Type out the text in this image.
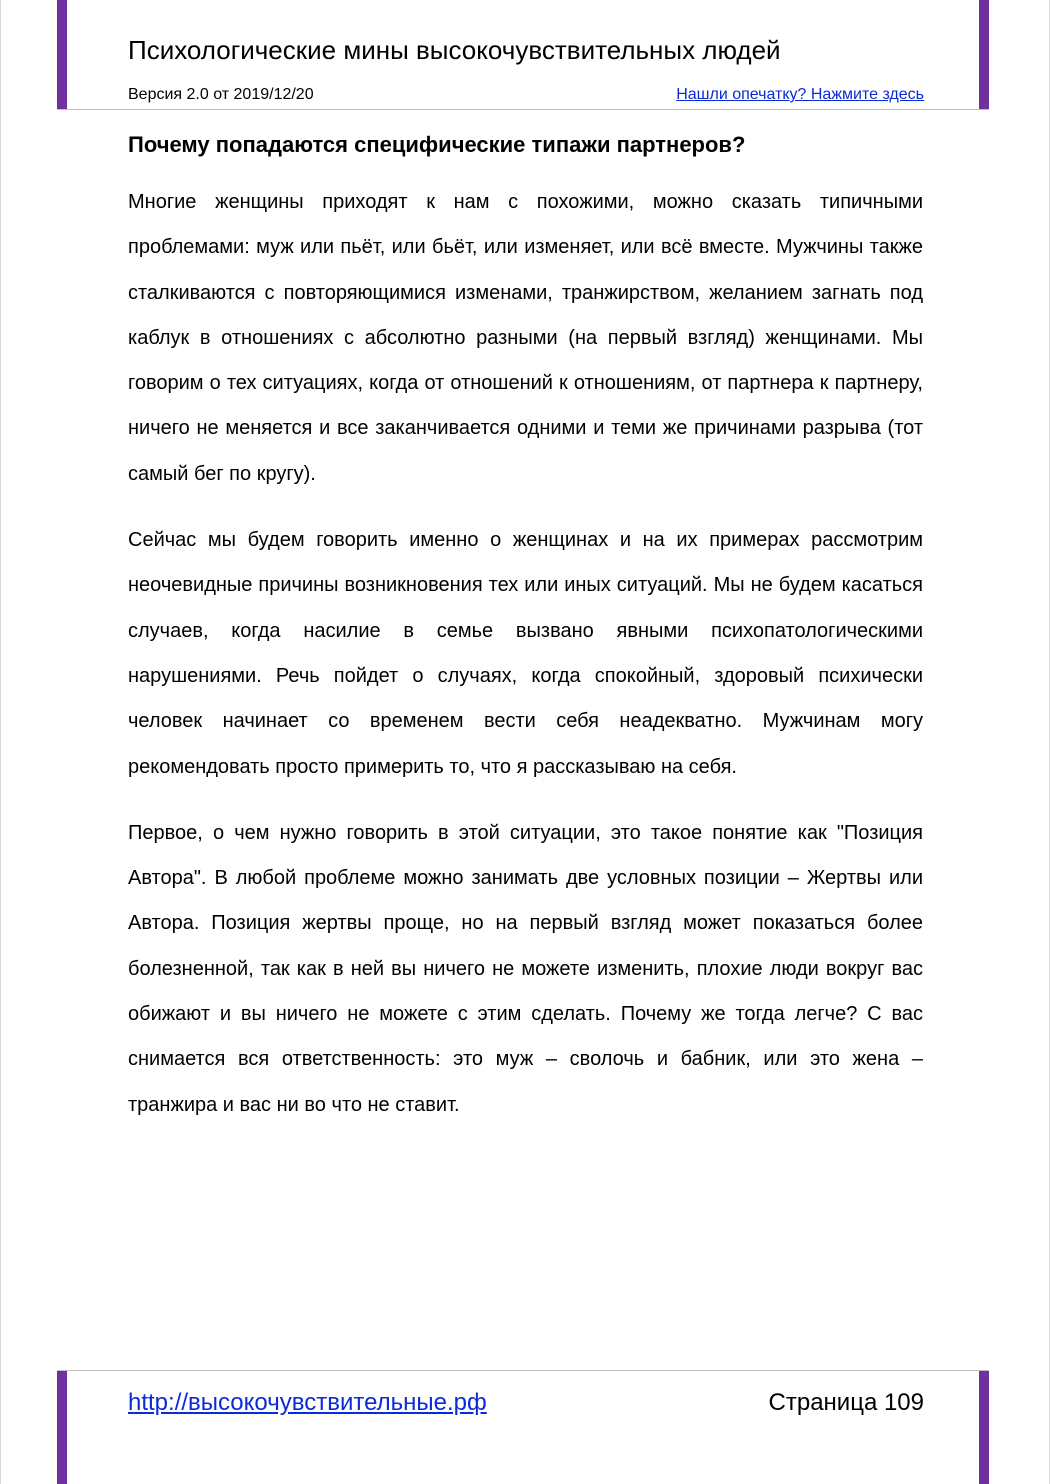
Психологические мины высокочувствительных людей
Версия 2.0 от 2019/12/20	Нашли опечатку? Нажмите здесь
Почему попадаются специфические типажи партнеров?

Многие женщины приходят к нам с похожими, можно сказать типичными проблемами: муж или пьёт, или бьёт, или изменяет, или всё вместе. Мужчины также сталкиваются с повторяющимися изменами, транжирством, желанием загнать под каблук в отношениях с абсолютно разными (на первый взгляд) женщинами. Мы говорим о тех ситуациях, когда от отношений к отношениям, от партнера к партнеру, ничего не меняется и все заканчивается одними и теми же причинами разрыва (тот самый бег по кругу).

Сейчас мы будем говорить именно о женщинах и на их примерах рассмотрим неочевидные причины возникновения тех или иных ситуаций. Мы не будем касаться случаев, когда насилие в семье вызвано явными психопатологическими нарушениями. Речь пойдет о случаях, когда спокойный, здоровый психически человек начинает со временем вести себя неадекватно. Мужчинам могу рекомендовать просто примерить то, что я рассказываю на себя.

Первое, о чем нужно говорить в этой ситуации, это такое понятие как "Позиция Автора". В любой проблеме можно занимать две условных позиции – Жертвы или Автора. Позиция жертвы проще, но на первый взгляд может показаться более болезненной, так как в ней вы ничего не можете изменить, плохие люди вокруг вас обижают и вы ничего не можете с этим сделать. Почему же тогда легче? С вас снимается вся ответственность: это муж – сволочь и бабник, или это жена – транжира и вас ни во что не ставит.

http://высокочувствительные.рф	Страница 109
